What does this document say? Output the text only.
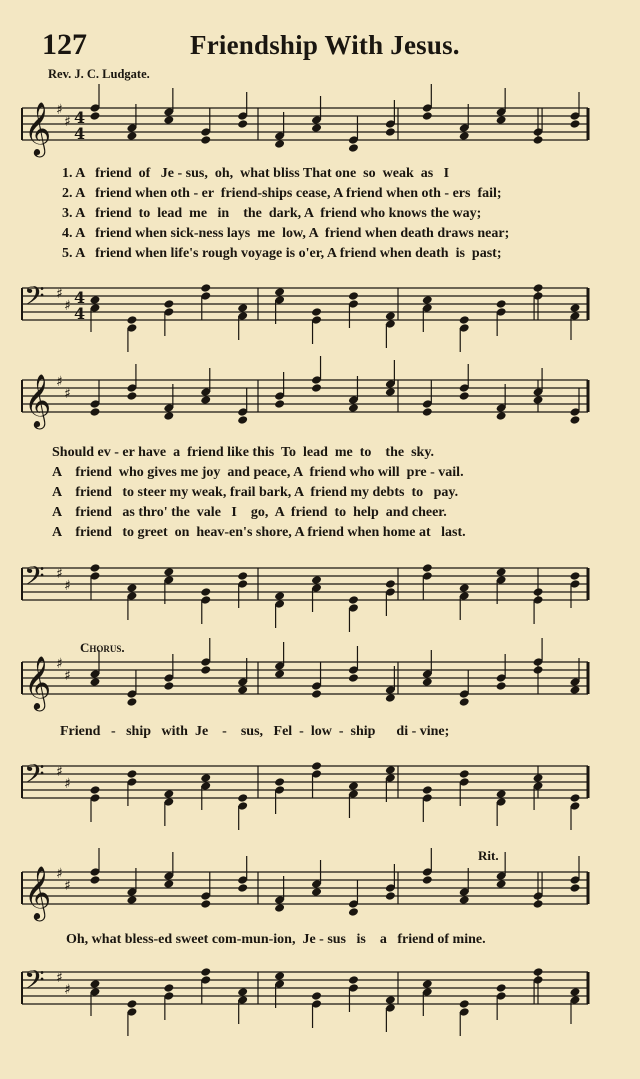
127	Friendship With Jesus.
Rev. J. C. Ludgate.
𝄞 ♯
♯ 4
4
1. A   friend  of   Je - sus,  oh,  what bliss That one  so  weak  as   I
2. A   friend when oth - er  friend-ships cease, A friend when oth - ers  fail;
3. A   friend  to  lead  me   in    the  dark, A  friend who knows the way;
4. A   friend when sick-ness lays  me  low, A  friend when death draws near;
5. A   friend when life's rough voyage is o'er, A friend when death  is  past;
𝄢 ♯
♯ 4
4
𝄞 ♯
♯
Should ev - er have  a  friend like this  To  lead  me  to    the  sky.
A    friend  who gives me joy  and peace, A  friend who will  pre - vail.
A    friend   to steer my weak, frail bark, A  friend my debts  to   pay.
A    friend   as thro' the  vale   I    go,  A  friend  to  help  and cheer.
A    friend   to greet  on  heav-en's shore, A friend when home at   last.
𝄢 ♯
♯
Chorus.
𝄞 ♯
♯
Friend   -   ship   with  Je    -    sus,   Fel  -  low  -  ship      di - vine;
𝄢 ♯
♯
Rit.
𝄞 ♯
♯
Oh, what bless-ed sweet com-mun-ion,  Je - sus   is    a   friend of mine.
𝄢 ♯
♯
